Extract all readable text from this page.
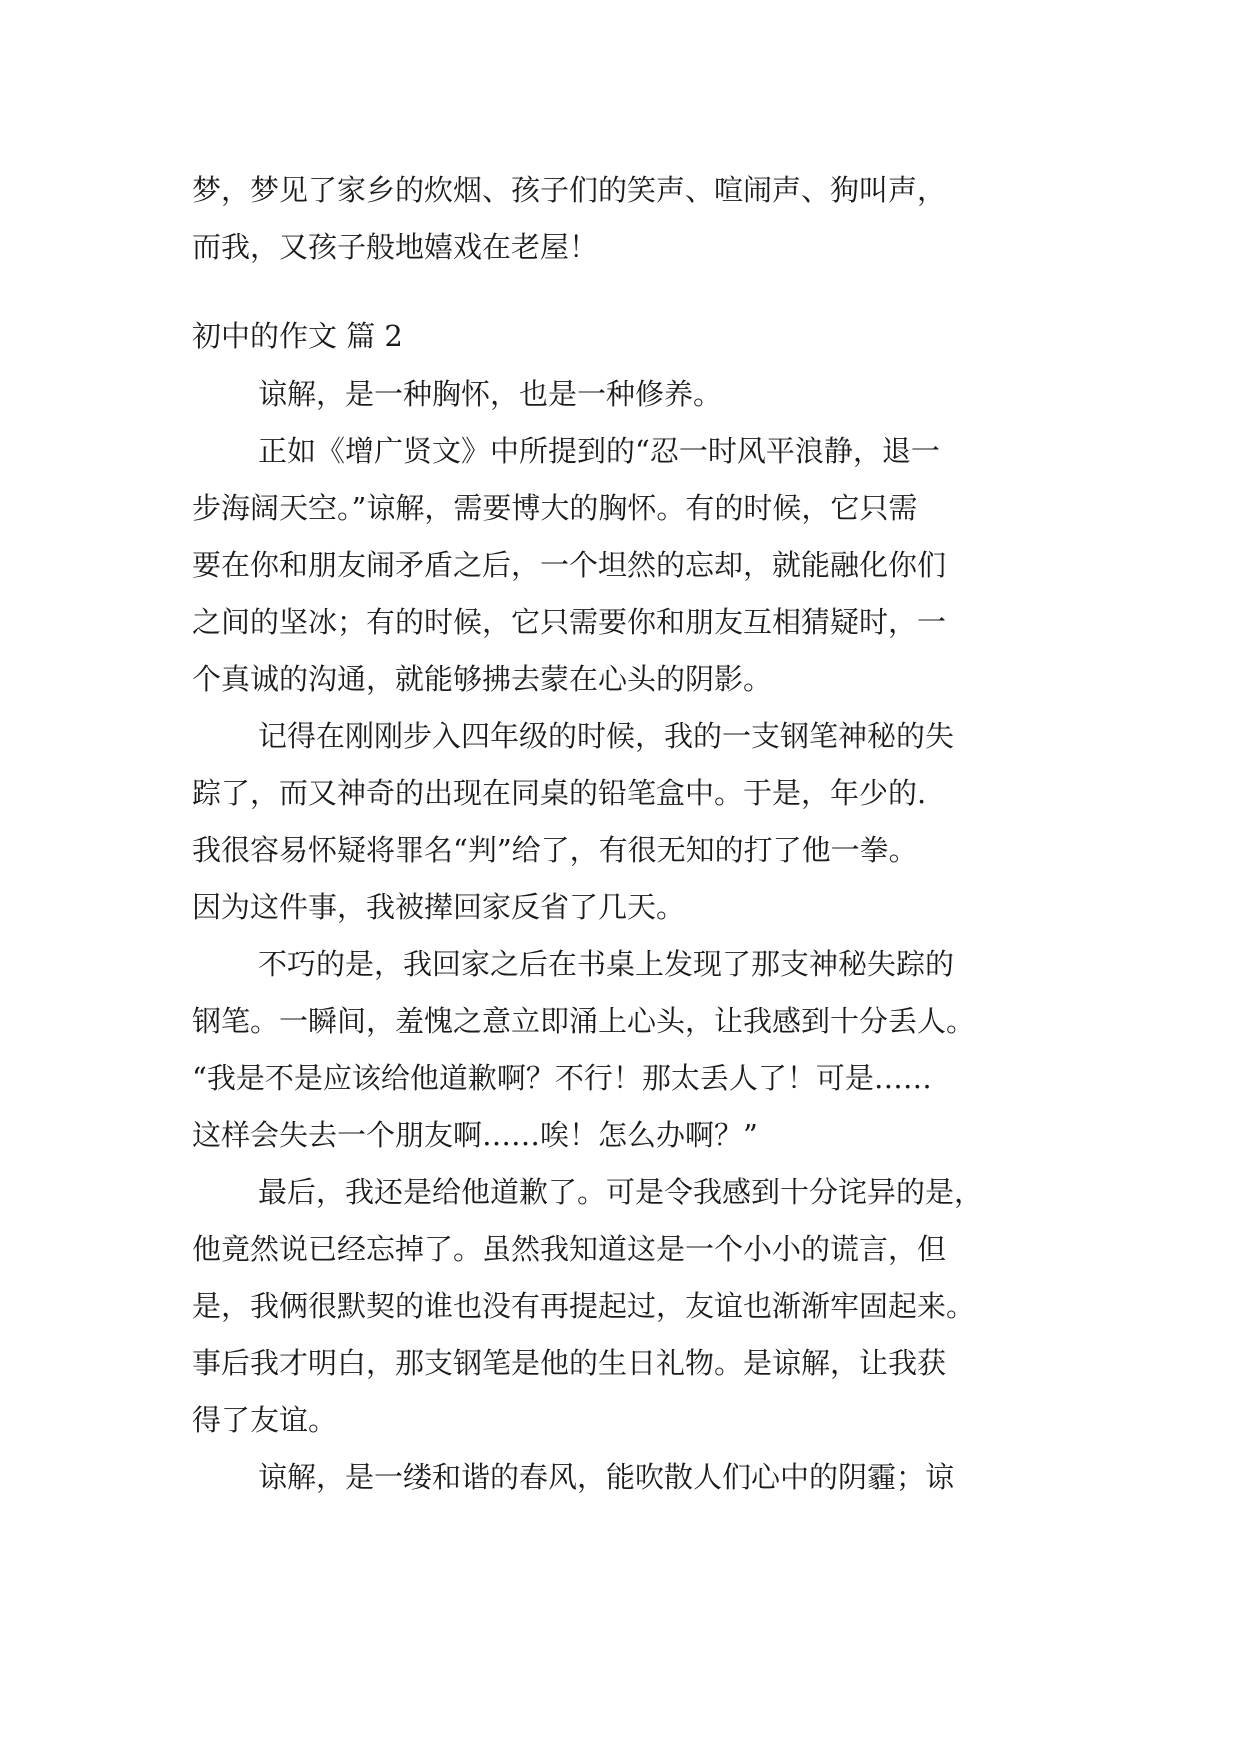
梦，梦见了家乡的炊烟、孩子们的笑声、喧闹声、狗叫声，
而我，又孩子般地嬉戏在老屋！
初中的作文 篇 2
谅解，是一种胸怀，也是一种修养。
正如《增广贤文》中所提到的“忍一时风平浪静，退一
步海阔天空。”谅解，需要博大的胸怀。有的时候，它只需
要在你和朋友闹矛盾之后，一个坦然的忘却，就能融化你们
之间的坚冰；有的时候，它只需要你和朋友互相猜疑时，一
个真诚的沟通，就能够拂去蒙在心头的阴影。
记得在刚刚步入四年级的时候，我的一支钢笔神秘的失
踪了，而又神奇的出现在同桌的铅笔盒中。于是，年少的.
我很容易怀疑将罪名“判”给了，有很无知的打了他一拳。
因为这件事，我被撵回家反省了几天。
不巧的是，我回家之后在书桌上发现了那支神秘失踪的
钢笔。一瞬间，羞愧之意立即涌上心头，让我感到十分丢人。
“我是不是应该给他道歉啊？不行！那太丢人了！可是……
这样会失去一个朋友啊……唉！怎么办啊？”
最后，我还是给他道歉了。可是令我感到十分诧异的是，
他竟然说已经忘掉了。虽然我知道这是一个小小的谎言，但
是，我俩很默契的谁也没有再提起过，友谊也渐渐牢固起来。
事后我才明白，那支钢笔是他的生日礼物。是谅解，让我获
得了友谊。
谅解，是一缕和谐的春风，能吹散人们心中的阴霾；谅
